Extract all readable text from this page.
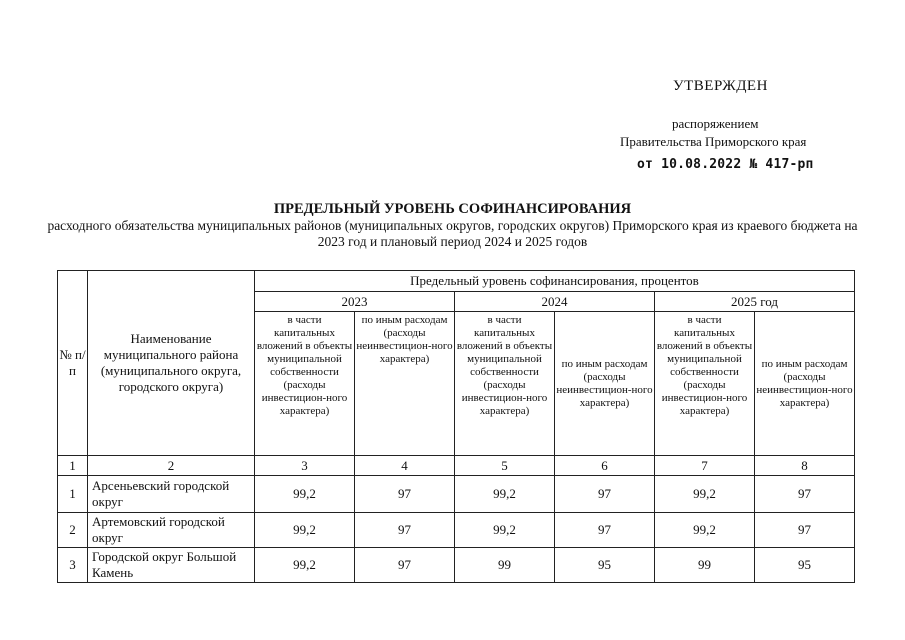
УТВЕРЖДЕН
распоряжением
Правительства Приморского края
от 10.08.2022 № 417-рп
ПРЕДЕЛЬНЫЙ УРОВЕНЬ СОФИНАНСИРОВАНИЯ
расходного обязательства муниципальных районов (муниципальных округов, городских округов) Приморского края из краевого бюджета на 2023 год и плановый период 2024 и 2025 годов
№ п/п	Наименование муниципального района (муниципального округа, городского округа)	Предельный уровень софинансирования, процентов					
		2023		2024		2025 год	
		в части капитальных вложений в объекты муниципальной собственности (расходы инвестицион-ного характера)	по иным расходам (расходы неинвестицион-ного характера)	в части капитальных вложений в объекты муниципальной собственности (расходы инвестицион-ного характера)	по иным расходам (расходы неинвестицион-ного характера)	в части капитальных вложений в объекты муниципальной собственности (расходы инвестицион-ного характера)	по иным расходам (расходы неинвестицион-ного характера)
1	2	3	4	5	6	7	8
1	Арсеньевский городской округ	99,2	97	99,2	97	99,2	97
2	Артемовский городской округ	99,2	97	99,2	97	99,2	97
3	Городской округ Большой Камень	99,2	97	99	95	99	95
